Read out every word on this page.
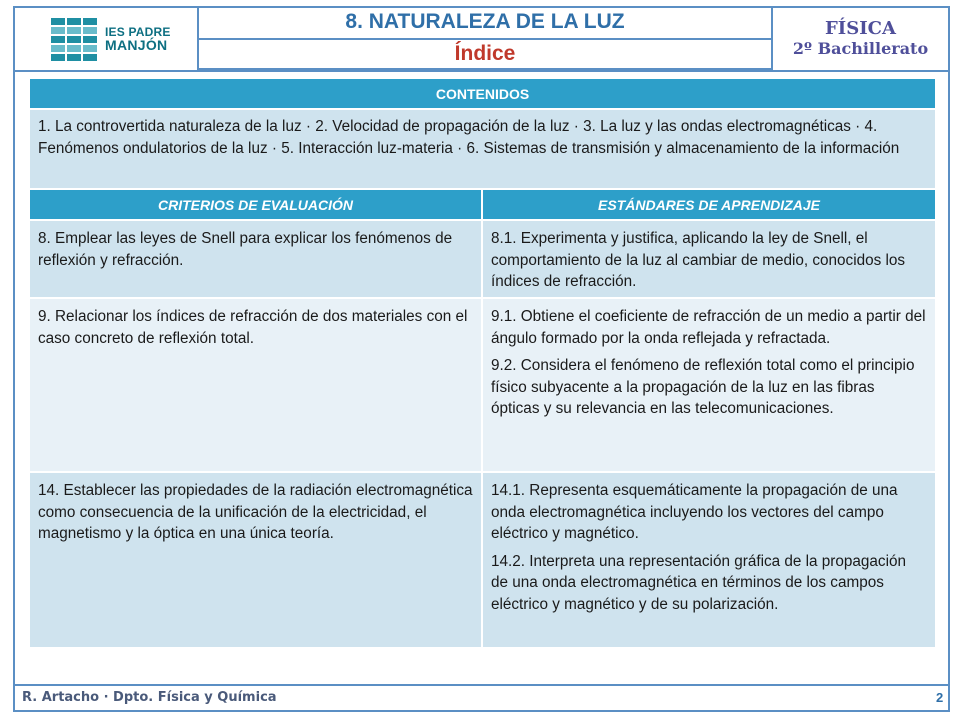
IES PADRE
MANJÓN
8. NATURALEZA DE LA LUZ
Índice
FÍSICA
2º Bachillerato
CONTENIDOS
1. La controvertida naturaleza de la luz · 2. Velocidad de propagación de la luz · 3. La luz y las ondas electromagnéticas · 4. Fenómenos ondulatorios de la luz · 5. Interacción luz-materia · 6. Sistemas de transmisión y almacenamiento de la información
CRITERIOS DE EVALUACIÓN	ESTÁNDARES DE APRENDIZAJE

8. Emplear las leyes de Snell para explicar los fenómenos de reflexión y refracción.

8.1. Experimenta y justifica, aplicando la ley de Snell, el comportamiento de la luz al cambiar de medio, conocidos los índices de refracción.

9. Relacionar los índices de refracción de dos materiales con el caso concreto de reflexión total.

9.1. Obtiene el coeficiente de refracción de un medio a partir del ángulo formado por la onda reflejada y refractada.

9.2. Considera el fenómeno de reflexión total como el principio físico subyacente a la propagación de la luz en las fibras ópticas y su relevancia en las telecomunicaciones.

14. Establecer las propiedades de la radiación electromagnética como consecuencia de la unificación de la electricidad, el magnetismo y la óptica en una única teoría.

14.1. Representa esquemáticamente la propagación de una onda electromagnética incluyendo los vectores del campo eléctrico y magnético.

14.2. Interpreta una representación gráfica de la propagación de una onda electromagnética en términos de los campos eléctrico y magnético y de su polarización.

R. Artacho · Dpto. Física y Química	2
